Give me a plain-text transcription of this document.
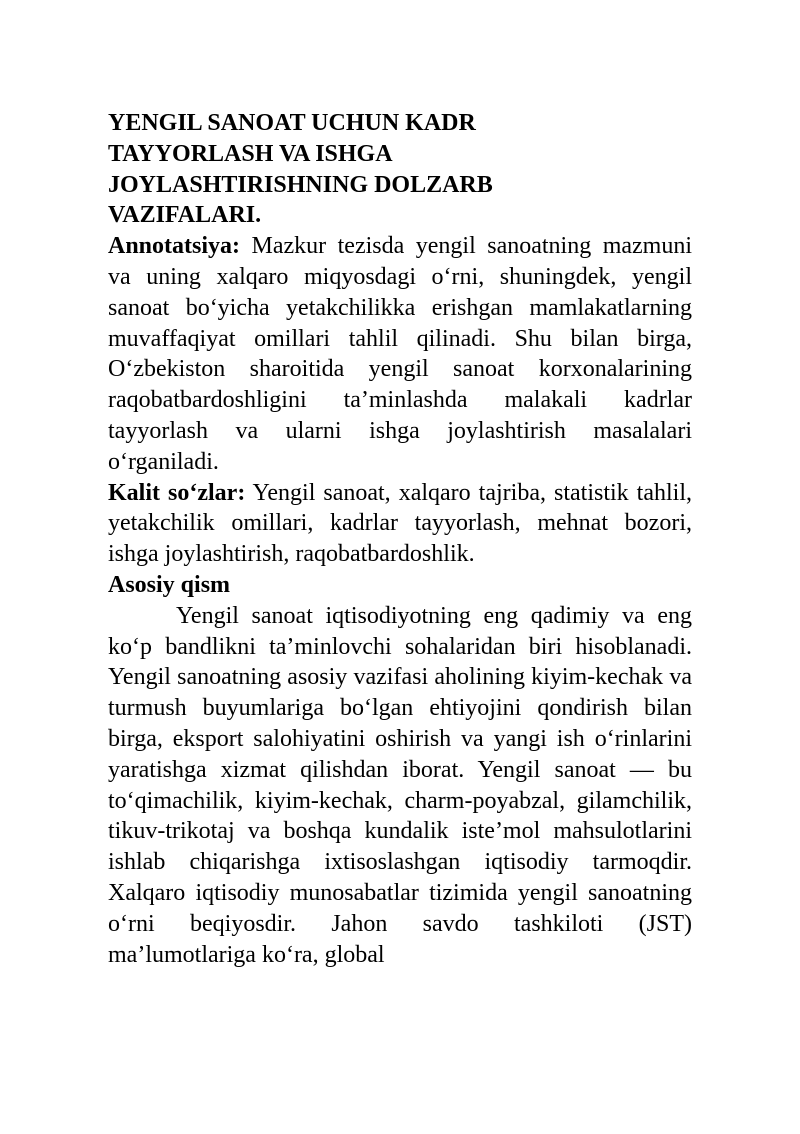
YENGIL SANOAT UCHUN KADR TAYYORLASH VA ISHGA JOYLASHTIRISHNING DOLZARB VAZIFALARI.

Annotatsiya: Mazkur tezisda yengil sanoatning mazmuni va uning xalqaro miqyosdagi o‘rni, shuningdek, yengil sanoat bo‘yicha yetakchilikka erishgan mamlakatlarning muvaffaqiyat omillari tahlil qilinadi. Shu bilan birga, O‘zbekiston sharoitida yengil sanoat korxonalarining raqobatbardoshligini ta’minlashda malakali kadrlar tayyorlash va ularni ishga joylashtirish masalalari o‘rganiladi.

Kalit so‘zlar: Yengil sanoat, xalqaro tajriba, statistik tahlil, yetakchilik omillari, kadrlar tayyorlash, mehnat bozori, ishga joylashtirish, raqobatbardoshlik.

Asosiy qism

Yengil sanoat iqtisodiyotning eng qadimiy va eng ko‘p bandlikni ta’minlovchi sohalaridan biri hisoblanadi. Yengil sanoatning asosiy vazifasi aholining kiyim-kechak va turmush buyumlariga bo‘lgan ehtiyojini qondirish bilan birga, eksport salohiyatini oshirish va yangi ish o‘rinlarini yaratishga xizmat qilishdan iborat. Yengil sanoat — bu to‘qimachilik, kiyim-kechak, charm-poyabzal, gilamchilik, tikuv-trikotaj va boshqa kundalik iste’mol mahsulotlarini ishlab chiqarishga ixtisoslashgan iqtisodiy tarmoqdir. Xalqaro iqtisodiy munosabatlar tizimida yengil sanoatning o‘rni beqiyosdir. Jahon savdo tashkiloti (JST) ma’lumotlariga ko‘ra, global
